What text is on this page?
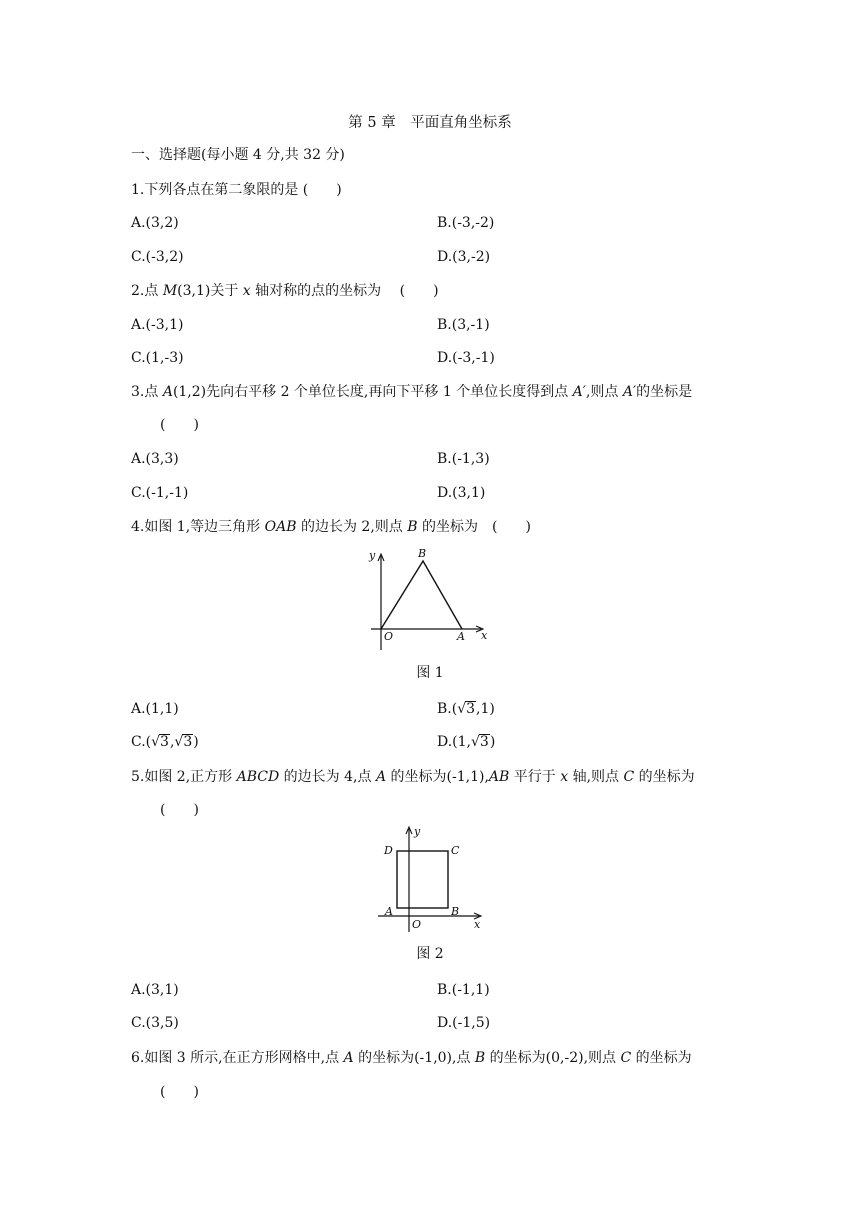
第 5 章　平面直角坐标系
一、选择题(每小题 4 分,共 32 分)
1.下列各点在第二象限的是 (　　)
A.(3,2)	B.(-3,-2)
C.(-3,2)	D.(3,-2)
2.点 M(3,1)关于 x 轴对称的点的坐标为　 (　　)
A.(-3,1)	B.(3,-1)
C.(1,-3)	D.(-3,-1)
3.点 A(1,2)先向右平移 2 个单位长度,再向下平移 1 个单位长度得到点 A′,则点 A′的坐标是
(　　)
A.(3,3)	B.(-1,3)
C.(-1,-1)	D.(3,1)
4.如图 1,等边三角形 OAB 的边长为 2,则点 B 的坐标为　(　　)
y	B
O	A x
图 1
A.(1,1)	B.(√3,1)
C.(√3,√3)	D.(1,√3)
5.如图 2,正方形 ABCD 的边长为 4,点 A 的坐标为(-1,1),AB 平行于 x 轴,则点 C 的坐标为
(　　)
y
D	C
A	B
O	x
图 2
A.(3,1)	B.(-1,1)
C.(3,5)	D.(-1,5)
6.如图 3 所示,在正方形网格中,点 A 的坐标为(-1,0),点 B 的坐标为(0,-2),则点 C 的坐标为
(　　)
